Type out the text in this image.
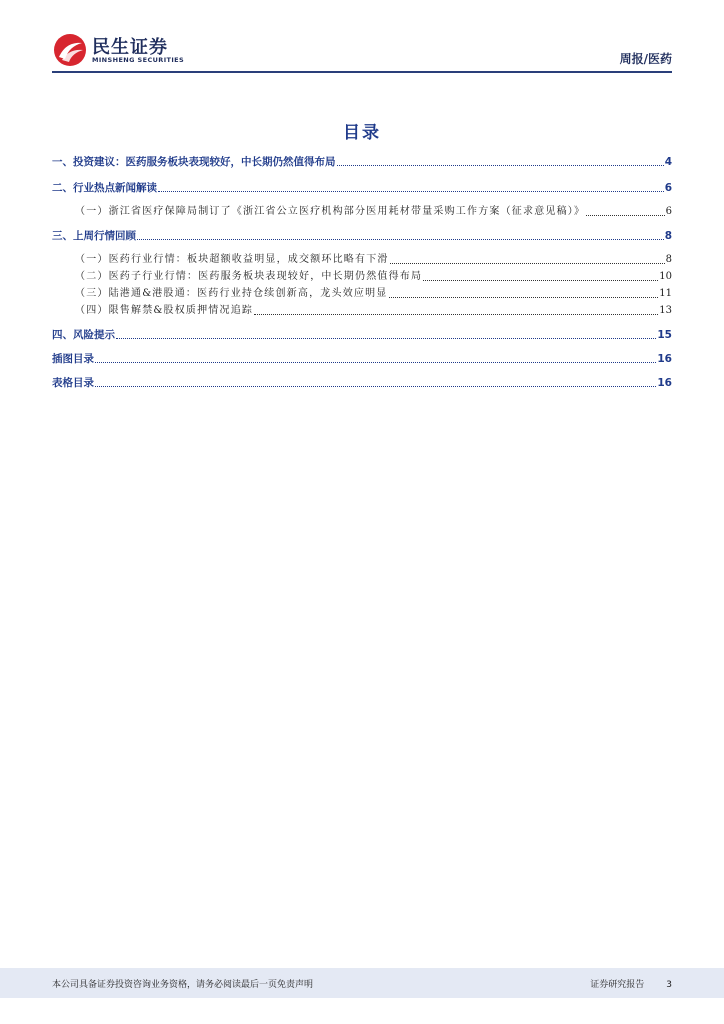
民生证券
MINSHENG SECURITIES	周报/医药
目录
一、投资建议：医药服务板块表现较好，中长期仍然值得布局	4
二、行业热点新闻解读	6
（一）浙江省医疗保障局制订了《浙江省公立医疗机构部分医用耗材带量采购工作方案（征求意见稿）》	6
三、上周行情回顾	8
（一）医药行业行情：板块超额收益明显，成交额环比略有下滑	8
（二）医药子行业行情：医药服务板块表现较好，中长期仍然值得布局	10
（三）陆港通&港股通：医药行业持仓续创新高，龙头效应明显	11
（四）限售解禁&股权质押情况追踪	13
四、风险提示	15
插图目录	16
表格目录	16
本公司具备证券投资咨询业务资格，请务必阅读最后一页免责声明	证券研究报告 3
